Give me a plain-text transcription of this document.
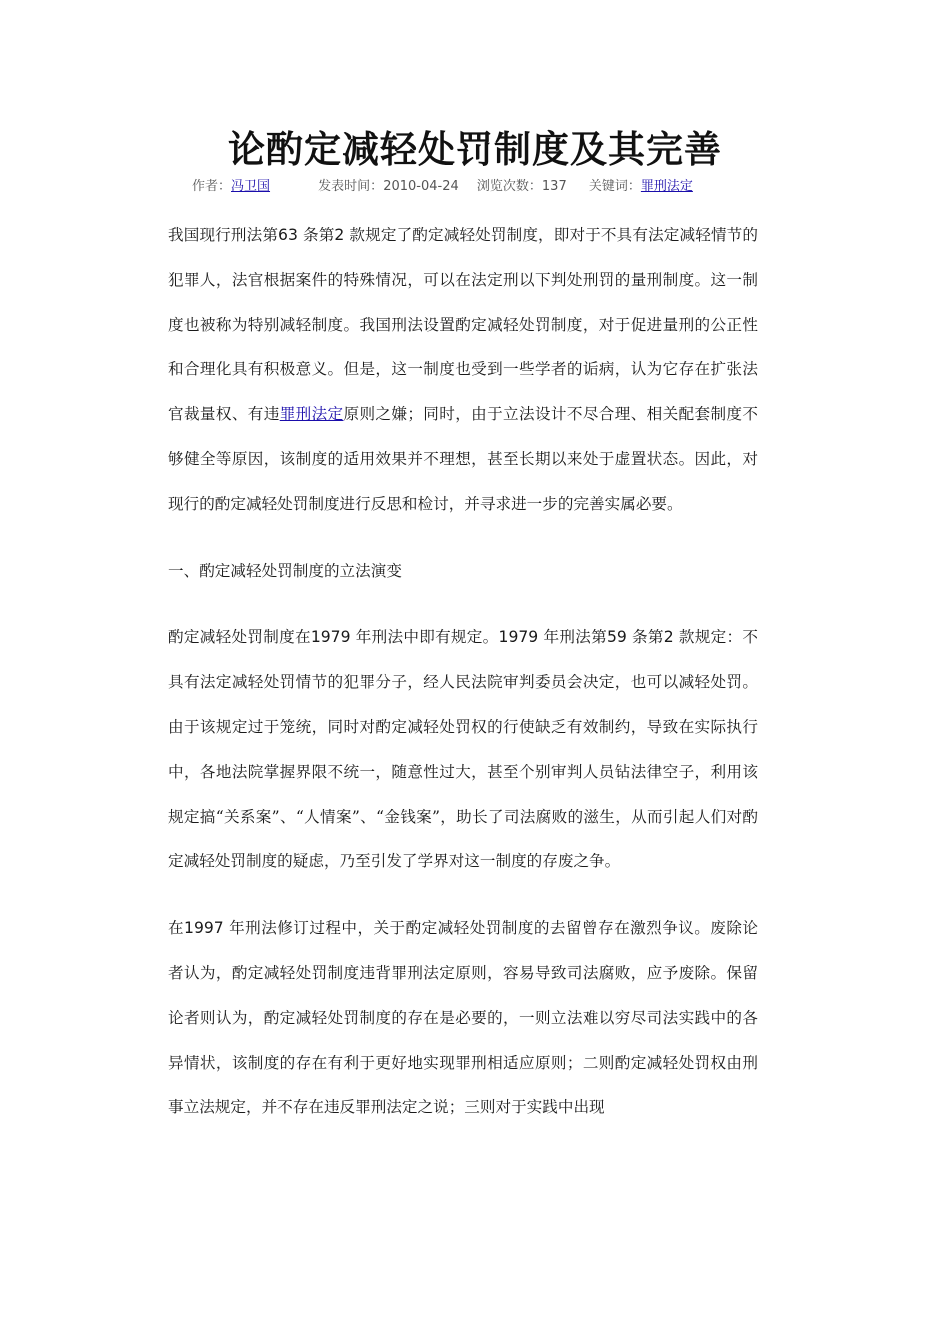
论酌定减轻处罚制度及其完善
作者：冯卫国	发表时间：2010-04-24 浏览次数：137 关键词：罪刑法定

我国现行刑法第63 条第2 款规定了酌定减轻处罚制度，即对于不具有法定减轻情节的犯罪人，法官根据案件的特殊情况，可以在法定刑以下判处刑罚的量刑制度。这一制度也被称为特别减轻制度。我国刑法设置酌定减轻处罚制度，对于促进量刑的公正性和合理化具有积极意义。但是，这一制度也受到一些学者的诟病，认为它存在扩张法官裁量权、有违罪刑法定原则之嫌；同时，由于立法设计不尽合理、相关配套制度不够健全等原因，该制度的适用效果并不理想，甚至长期以来处于虚置状态。因此，对现行的酌定减轻处罚制度进行反思和检讨，并寻求进一步的完善实属必要。

一、酌定减轻处罚制度的立法演变

酌定减轻处罚制度在1979 年刑法中即有规定。1979 年刑法第59 条第2 款规定：不具有法定减轻处罚情节的犯罪分子，经人民法院审判委员会决定，也可以减轻处罚。由于该规定过于笼统，同时对酌定减轻处罚权的行使缺乏有效制约，导致在实际执行中，各地法院掌握界限不统一，随意性过大，甚至个别审判人员钻法律空子，利用该规定搞“关系案”、“人情案”、“金钱案”，助长了司法腐败的滋生，从而引起人们对酌定减轻处罚制度的疑虑，乃至引发了学界对这一制度的存废之争。

在1997 年刑法修订过程中，关于酌定减轻处罚制度的去留曾存在激烈争议。废除论者认为，酌定减轻处罚制度违背罪刑法定原则，容易导致司法腐败，应予废除。保留论者则认为，酌定减轻处罚制度的存在是必要的，一则立法难以穷尽司法实践中的各异情状，该制度的存在有利于更好地实现罪刑相适应原则；二则酌定减轻处罚权由刑事立法规定，并不存在违反罪刑法定之说；三则对于实践中出现
